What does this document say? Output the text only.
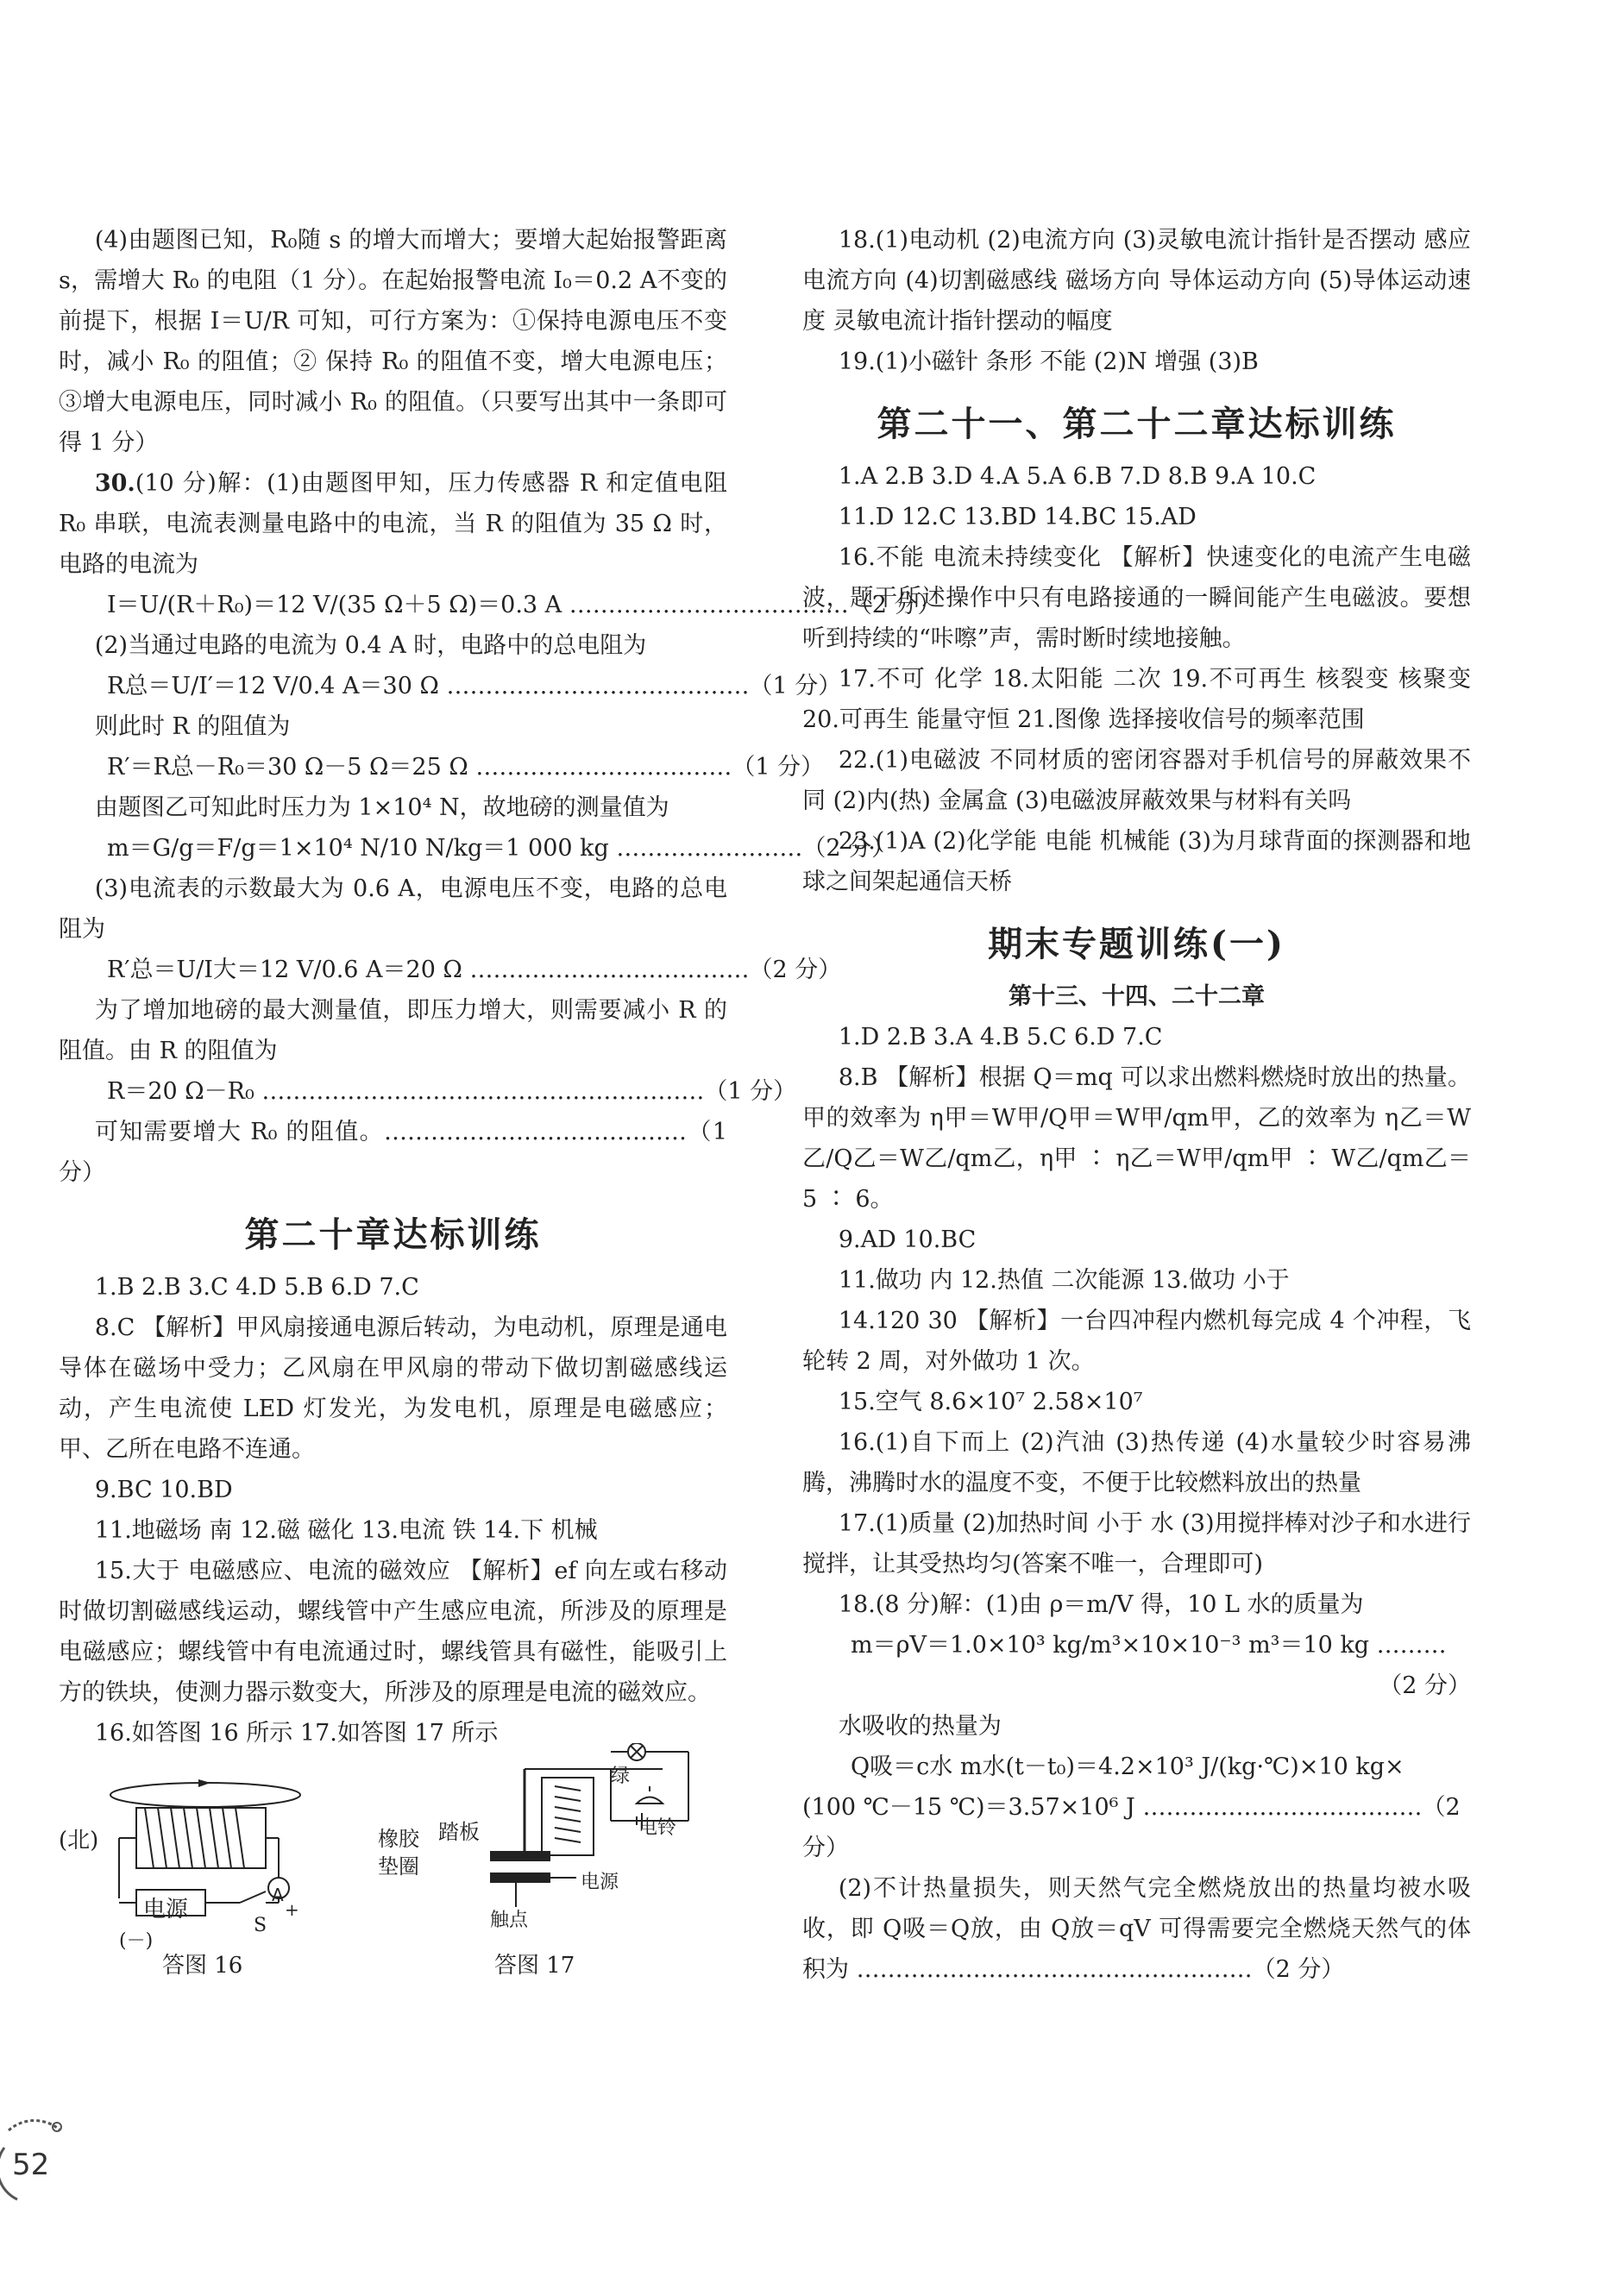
(4)由题图已知，R₀随 s 的增大而增大；要增大起始报警距离 s，需增大 R₀ 的电阻（1 分）。在起始报警电流 I₀＝0.2 A不变的前提下，根据 I＝U/R 可知，可行方案为：①保持电源电压不变时，减小 R₀ 的阻值；② 保持 R₀ 的阻值不变，增大电源电压；③增大电源电压，同时减小 R₀ 的阻值。（只要写出其中一条即可得 1 分）

30.(10 分)解：(1)由题图甲知，压力传感器 R 和定值电阻 R₀ 串联，电流表测量电路中的电流，当 R 的阻值为 35 Ω 时，电路的电流为

I＝U/(R＋R₀)＝12 V/(35 Ω＋5 Ω)＝0.3 A ………………………………（2 分）

(2)当通过电路的电流为 0.4 A 时，电路中的总电阻为

R总＝U/I′＝12 V/0.4 A＝30 Ω …………………………………（1 分）

则此时 R 的阻值为

R′＝R总－R₀＝30 Ω－5 Ω＝25 Ω ……………………………（1 分）

由题图乙可知此时压力为 1×10⁴ N，故地磅的测量值为

m＝G/g＝F/g＝1×10⁴ N/10 N/kg＝1 000 kg ……………………（2 分）

(3)电流表的示数最大为 0.6 A，电源电压不变，电路的总电阻为

R′总＝U/I大＝12 V/0.6 A＝20 Ω ………………………………（2 分）

为了增加地磅的最大测量值，即压力增大，则需要减小 R 的阻值。由 R 的阻值为

R＝20 Ω－R₀ …………………………………………………（1 分）

可知需要增大 R₀ 的阻值。…………………………………（1 分）

第二十章达标训练

1.B 2.B 3.C 4.D 5.B 6.D 7.C

8.C 【解析】甲风扇接通电源后转动，为电动机，原理是通电导体在磁场中受力；乙风扇在甲风扇的带动下做切割磁感线运动，产生电流使 LED 灯发光，为发电机，原理是电磁感应；甲、乙所在电路不连通。

9.BC 10.BD

11.地磁场 南 12.磁 磁化 13.电流 铁 14.下 机械

15.大于 电磁感应、电流的磁效应 【解析】ef 向左或右移动时做切割磁感线运动，螺线管中产生感应电流，所涉及的原理是电磁感应；螺线管中有电流通过时，螺线管具有磁性，能吸引上方的铁块，使测力器示数变大，所涉及的原理是电流的磁效应。

16.如答图 16 所示 17.如答图 17 所示

(北)
电源
(－)
A
+
S
答图 16
绿
电铃
踏板
橡胶垫圈
电源
触点
答图 17

18.(1)电动机 (2)电流方向 (3)灵敏电流计指针是否摆动 感应电流方向 (4)切割磁感线 磁场方向 导体运动方向 (5)导体运动速度 灵敏电流计指针摆动的幅度

19.(1)小磁针 条形 不能 (2)N 增强 (3)B

第二十一、第二十二章达标训练

1.A 2.B 3.D 4.A 5.A 6.B 7.D 8.B 9.A 10.C

11.D 12.C 13.BD 14.BC 15.AD

16.不能 电流未持续变化 【解析】快速变化的电流产生电磁波，题干所述操作中只有电路接通的一瞬间能产生电磁波。要想听到持续的“咔嚓”声，需时断时续地接触。

17.不可 化学 18.太阳能 二次 19.不可再生 核裂变 核聚变 20.可再生 能量守恒 21.图像 选择接收信号的频率范围

22.(1)电磁波 不同材质的密闭容器对手机信号的屏蔽效果不同 (2)内(热) 金属盒 (3)电磁波屏蔽效果与材料有关吗

23.(1)A (2)化学能 电能 机械能 (3)为月球背面的探测器和地球之间架起通信天桥

期末专题训练(一)

第十三、十四、二十二章

1.D 2.B 3.A 4.B 5.C 6.D 7.C

8.B 【解析】根据 Q＝mq 可以求出燃料燃烧时放出的热量。甲的效率为 η甲＝W甲/Q甲＝W甲/qm甲，乙的效率为 η乙＝W乙/Q乙＝W乙/qm乙，η甲 ∶ η乙＝W甲/qm甲 ∶ W乙/qm乙＝5 ∶ 6。

9.AD 10.BC

11.做功 内 12.热值 二次能源 13.做功 小于

14.120 30 【解析】一台四冲程内燃机每完成 4 个冲程，飞轮转 2 周，对外做功 1 次。

15.空气 8.6×10⁷ 2.58×10⁷

16.(1)自下而上 (2)汽油 (3)热传递 (4)水量较少时容易沸腾，沸腾时水的温度不变，不便于比较燃料放出的热量

17.(1)质量 (2)加热时间 小于 水 (3)用搅拌棒对沙子和水进行搅拌，让其受热均匀(答案不唯一，合理即可)

18.(8 分)解：(1)由 ρ＝m/V 得，10 L 水的质量为

m＝ρV＝1.0×10³ kg/m³×10×10⁻³ m³＝10 kg ………

（2 分）

水吸收的热量为

Q吸＝c水 m水(t－t₀)＝4.2×10³ J/(kg·℃)×10 kg×

(100 ℃－15 ℃)＝3.57×10⁶ J ………………………………（2 分）

(2)不计热量损失，则天然气完全燃烧放出的热量均被水吸收，即 Q吸＝Q放，由 Q放＝qV 可得需要完全燃烧天然气的体积为 ……………………………………………（2 分）

52
